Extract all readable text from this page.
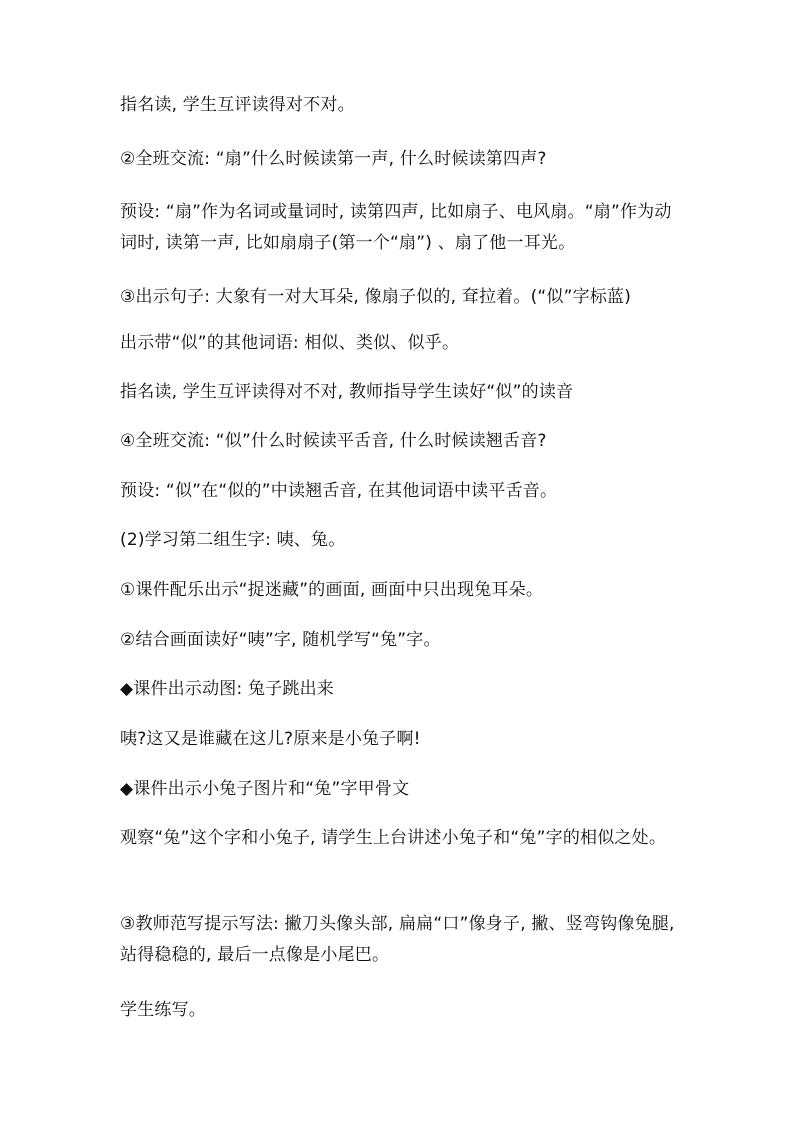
指名读, 学生互评读得对不对。

②全班交流: “扇”什么时候读第一声, 什么时候读第四声?

预设: “扇”作为名词或量词时, 读第四声, 比如扇子、电风扇。“扇”作为动词时, 读第一声, 比如扇扇子(第一个“扇”) 、扇了他一耳光。

③出示句子: 大象有一对大耳朵, 像扇子似的, 耷拉着。(“似”字标蓝)

出示带“似”的其他词语: 相似、类似、似乎。

指名读, 学生互评读得对不对, 教师指导学生读好“似”的读音

④全班交流: “似”什么时候读平舌音, 什么时候读翘舌音?

预设: “似”在“似的”中读翘舌音, 在其他词语中读平舌音。

(2)学习第二组生字: 咦、兔。

①课件配乐出示“捉迷藏”的画面, 画面中只出现兔耳朵。

②结合画面读好“咦”字, 随机学写“兔”字。

◆课件出示动图: 兔子跳出来

咦?这又是谁藏在这儿?原来是小兔子啊!

◆课件出示小兔子图片和“兔”字甲骨文

观察“兔”这个字和小兔子, 请学生上台讲述小兔子和“兔”字的相似之处。

③教师范写提示写法: 撇刀头像头部, 扁扁“口”像身子, 撇、竖弯钩像兔腿, 站得稳稳的, 最后一点像是小尾巴。

学生练写。
